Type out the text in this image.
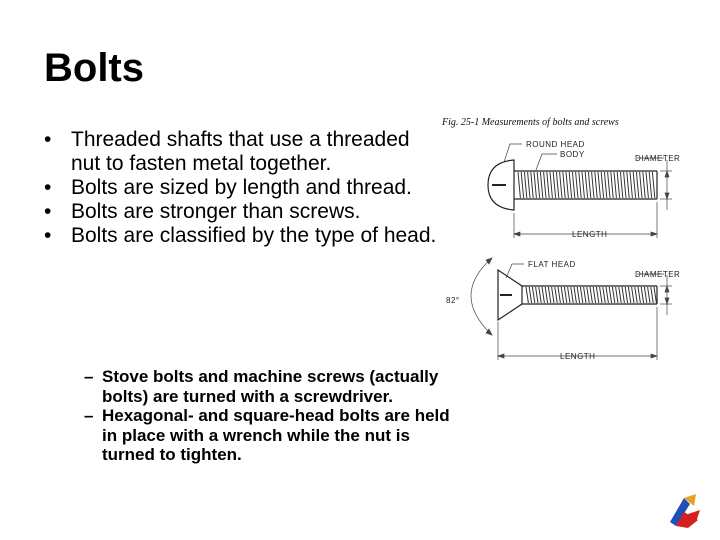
Bolts
• Threaded shafts that use a threaded nut to fasten metal together.
• Bolts are sized by length and thread.
• Bolts are stronger than screws.
• Bolts are classified by the type of head.
– Stove bolts and machine screws (actually bolts) are turned with a screwdriver.
– Hexagonal- and square-head bolts are held in place with a wrench while the nut is turned to tighten.
Fig. 25-1 Measurements of bolts and screws
ROUND HEAD
BODY	DIAMETER
LENGTH
FLAT HEAD
DIAMETER
82°
LENGTH
